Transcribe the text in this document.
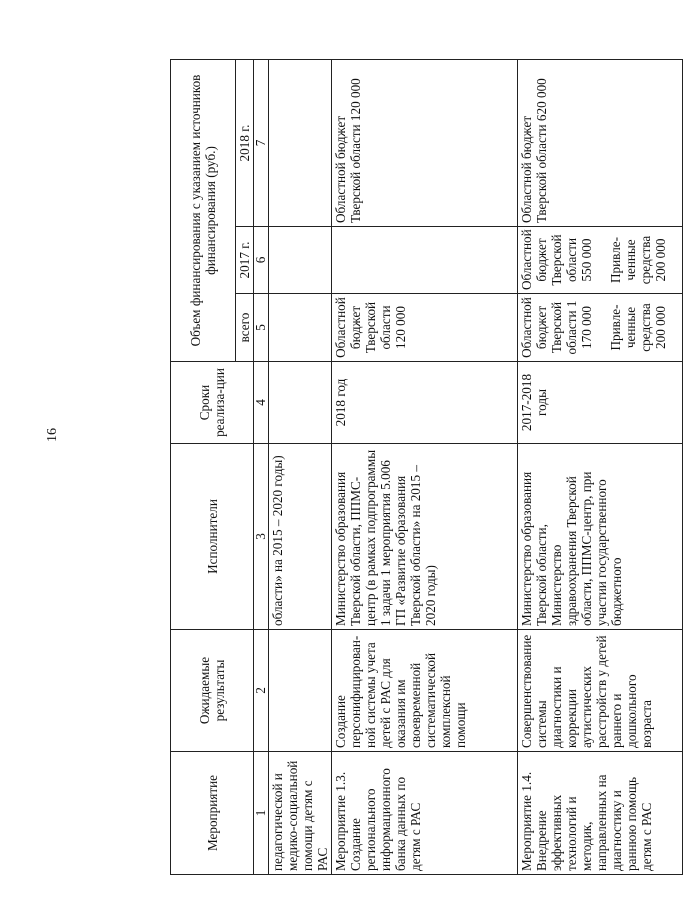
16
Мероприятие	Ожидаемые результаты	Исполнители	Сроки реализа-ции	Объем финансирования с указанием источников финансирования (руб.)		
				всего	2017 г.	2018 г.
1	2	3	4	5	6	7
педагогической и медико-социальной помощи детям с РАС		области» на 2015 – 2020 годы)				
Мероприятие 1.3. Создание регионального информационного банка данных по детям с РАС	Создание персонифицирован-ной системы учета детей с РАС для оказания им своевременной систематической комплексной помощи	Министерство образования Тверской области, ППМС-центр (в рамках подпрограммы 1 задачи 1 мероприятия 5.006 ГП «Развитие образования Тверской области» на 2015 – 2020 годы)	2018 год	Областной бюджет Тверской области 120 000		Областной бюджет Тверской области 120 000
Мероприятие 1.4. Внедрение эффективных технологий и методик, направленных на диагностику и раннюю помощь детям с РАС	Совершенствование системы диагностики и коррекции аутистических расстройств у детей раннего и дошкольного возраста	Министерство образования Тверской области, Министерство здравоохранения Тверской области, ППМС-центр, при участии государственного бюджетного	2017-2018 годы	Областной бюджет Тверской области 1 170 000 Привле-ченные средства 200 000	Областной бюджет Тверской области 550 000 Привле-ченные средства 200 000	Областной бюджет Тверской области 620 000
